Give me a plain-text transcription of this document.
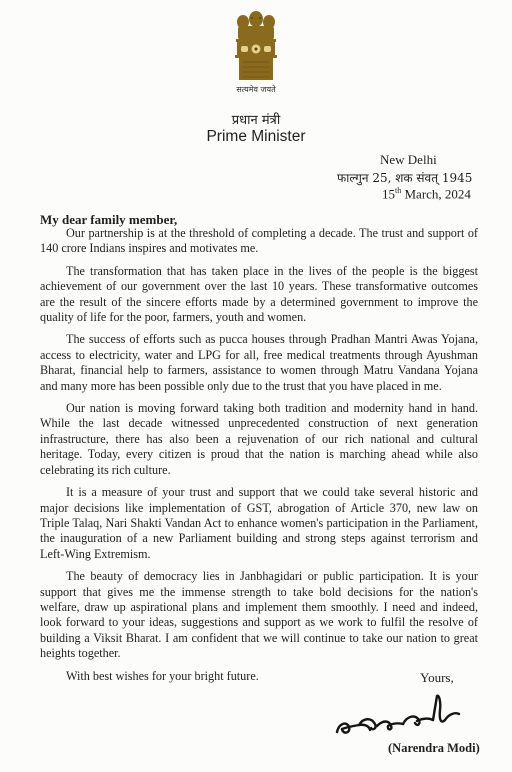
सत्यमेव जयते
प्रधान मंत्री
Prime Minister
New Delhi
फाल्गुन 25, शक संवत् 1945
15th March, 2024
My dear family member,

Our partnership is at the threshold of completing a decade. The trust and support of 140 crore Indians inspires and motivates me.

The transformation that has taken place in the lives of the people is the biggest achievement of our government over the last 10 years. These transformative outcomes are the result of the sincere efforts made by a determined government to improve the quality of life for the poor, farmers, youth and women.

The success of efforts such as pucca houses through Pradhan Mantri Awas Yojana, access to electricity, water and LPG for all, free medical treatments through Ayushman Bharat, financial help to farmers, assistance to women through Matru Vandana Yojana and many more has been possible only due to the trust that you have placed in me.

Our nation is moving forward taking both tradition and modernity hand in hand. While the last decade witnessed unprecedented construction of next generation infrastructure, there has also been a rejuvenation of our rich national and cultural heritage. Today, every citizen is proud that the nation is marching ahead while also celebrating its rich culture.

It is a measure of your trust and support that we could take several historic and major decisions like implementation of GST, abrogation of Article 370, new law on Triple Talaq, Nari Shakti Vandan Act to enhance women's participation in the Parliament, the inauguration of a new Parliament building and strong steps against terrorism and Left-Wing Extremism.

The beauty of democracy lies in Janbhagidari or public participation. It is your support that gives me the immense strength to take bold decisions for the nation's welfare, draw up aspirational plans and implement them smoothly. I need and indeed, look forward to your ideas, suggestions and support as we work to fulfil the resolve of building a Viksit Bharat. I am confident that we will continue to take our nation to great heights together.

With best wishes for your bright future.	Yours,
(Narendra Modi)
